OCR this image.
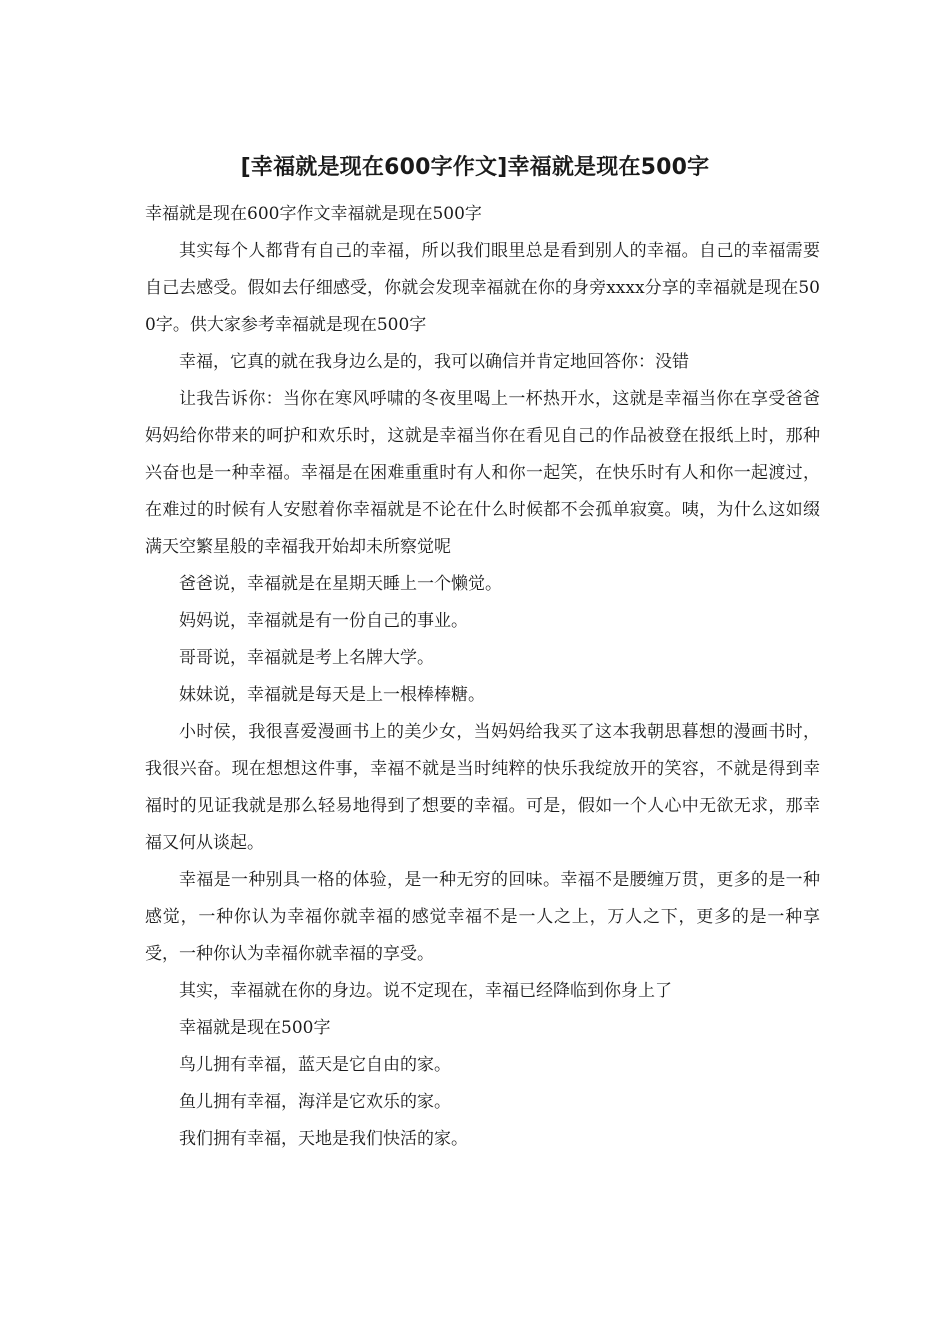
[幸福就是现在600字作文]幸福就是现在500字

幸福就是现在600字作文幸福就是现在500字

其实每个人都背有自己的幸福，所以我们眼里总是看到别人的幸福。自己的幸福需要自己去感受。假如去仔细感受，你就会发现幸福就在你的身旁xxxx分享的幸福就是现在500字。供大家参考幸福就是现在500字

幸福，它真的就在我身边么是的，我可以确信并肯定地回答你：没错

让我告诉你：当你在寒风呼啸的冬夜里喝上一杯热开水，这就是幸福当你在享受爸爸妈妈给你带来的呵护和欢乐时，这就是幸福当你在看见自己的作品被登在报纸上时，那种兴奋也是一种幸福。幸福是在困难重重时有人和你一起笑，在快乐时有人和你一起渡过，在难过的时候有人安慰着你幸福就是不论在什么时候都不会孤单寂寞。咦，为什么这如缀满天空繁星般的幸福我开始却未所察觉呢

爸爸说，幸福就是在星期天睡上一个懒觉。

妈妈说，幸福就是有一份自己的事业。

哥哥说，幸福就是考上名牌大学。

妹妹说，幸福就是每天是上一根棒棒糖。

小时侯，我很喜爱漫画书上的美少女，当妈妈给我买了这本我朝思暮想的漫画书时，我很兴奋。现在想想这件事，幸福不就是当时纯粹的快乐我绽放开的笑容，不就是得到幸福时的见证我就是那么轻易地得到了想要的幸福。可是，假如一个人心中无欲无求，那幸福又何从谈起。

幸福是一种别具一格的体验，是一种无穷的回味。幸福不是腰缠万贯，更多的是一种感觉，一种你认为幸福你就幸福的感觉幸福不是一人之上，万人之下，更多的是一种享受，一种你认为幸福你就幸福的享受。

其实，幸福就在你的身边。说不定现在，幸福已经降临到你身上了

幸福就是现在500字

鸟儿拥有幸福，蓝天是它自由的家。

鱼儿拥有幸福，海洋是它欢乐的家。

我们拥有幸福，天地是我们快活的家。
